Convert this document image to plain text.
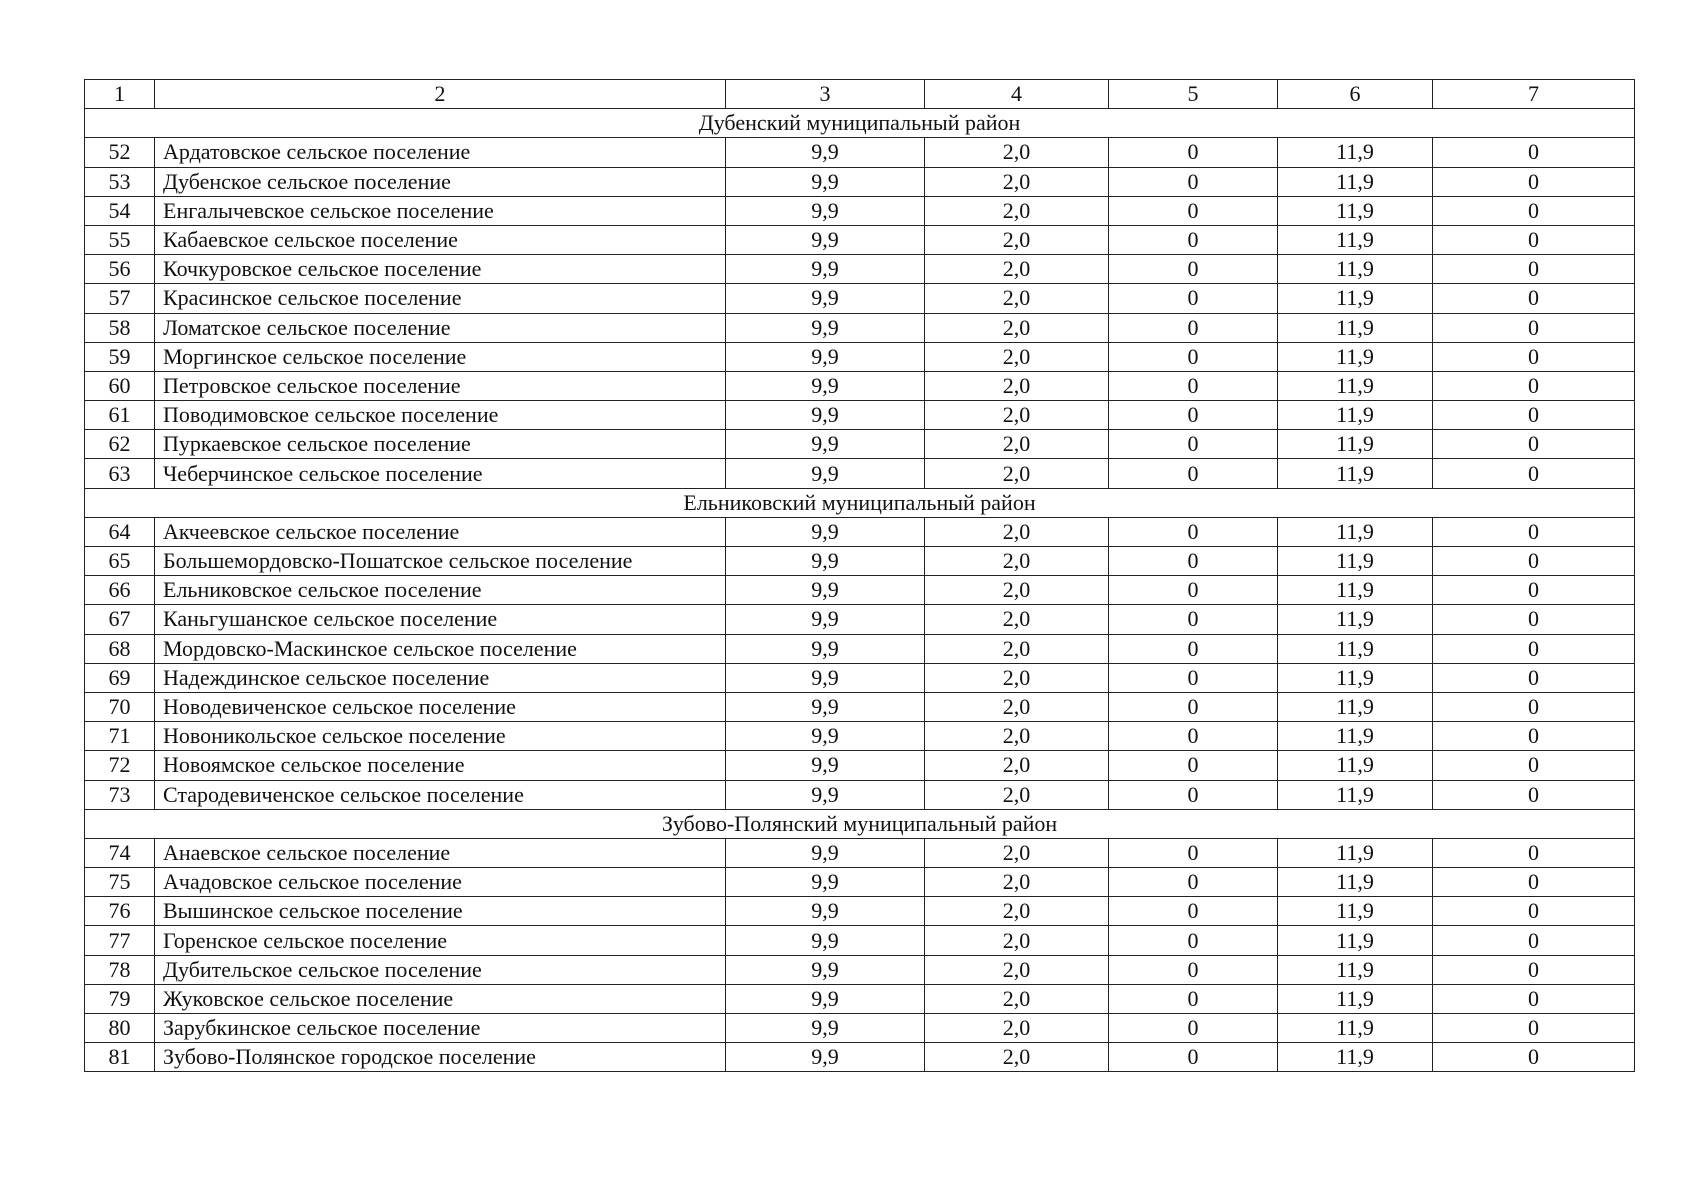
1	2	3	4	5	6	7
Дубенский муниципальный район						
52	Ардатовское сельское поселение	9,9	2,0	0	11,9	0
53	Дубенское сельское поселение	9,9	2,0	0	11,9	0
54	Енгалычевское сельское поселение	9,9	2,0	0	11,9	0
55	Кабаевское сельское поселение	9,9	2,0	0	11,9	0
56	Кочкуровское сельское поселение	9,9	2,0	0	11,9	0
57	Красинское сельское поселение	9,9	2,0	0	11,9	0
58	Ломатское сельское поселение	9,9	2,0	0	11,9	0
59	Моргинское сельское поселение	9,9	2,0	0	11,9	0
60	Петровское сельское поселение	9,9	2,0	0	11,9	0
61	Поводимовское сельское поселение	9,9	2,0	0	11,9	0
62	Пуркаевское сельское поселение	9,9	2,0	0	11,9	0
63	Чеберчинское сельское поселение	9,9	2,0	0	11,9	0
Ельниковский муниципальный район						
64	Акчеевское сельское поселение	9,9	2,0	0	11,9	0
65	Большемордовско-Пошатское сельское поселение	9,9	2,0	0	11,9	0
66	Ельниковское сельское поселение	9,9	2,0	0	11,9	0
67	Каньгушанское сельское поселение	9,9	2,0	0	11,9	0
68	Мордовско-Маскинское сельское поселение	9,9	2,0	0	11,9	0
69	Надеждинское сельское поселение	9,9	2,0	0	11,9	0
70	Новодевиченское сельское поселение	9,9	2,0	0	11,9	0
71	Новоникольское сельское поселение	9,9	2,0	0	11,9	0
72	Новоямское сельское поселение	9,9	2,0	0	11,9	0
73	Стародевиченское сельское поселение	9,9	2,0	0	11,9	0
Зубово-Полянский муниципальный район						
74	Анаевское сельское поселение	9,9	2,0	0	11,9	0
75	Ачадовское сельское поселение	9,9	2,0	0	11,9	0
76	Вышинское сельское поселение	9,9	2,0	0	11,9	0
77	Горенское сельское поселение	9,9	2,0	0	11,9	0
78	Дубительское сельское поселение	9,9	2,0	0	11,9	0
79	Жуковское сельское поселение	9,9	2,0	0	11,9	0
80	Зарубкинское сельское поселение	9,9	2,0	0	11,9	0
81	Зубово-Полянское городское поселение	9,9	2,0	0	11,9	0
